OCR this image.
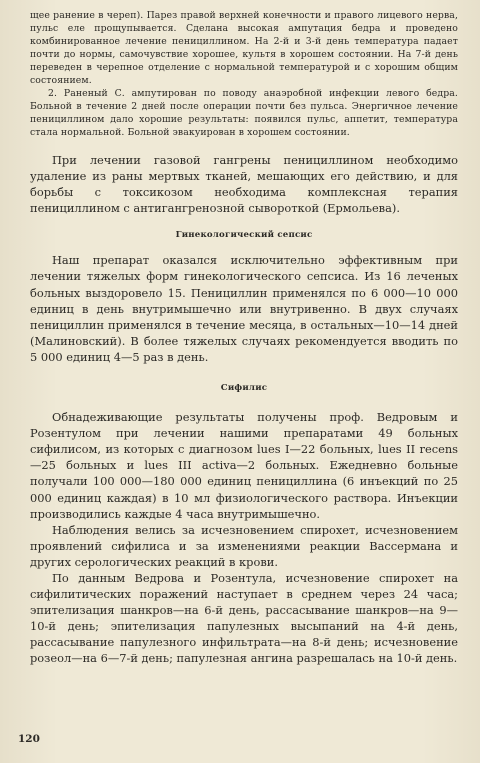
щее ранение в череп). Парез правой верхней конечности и правого лицевого нерва, пульс еле прощупывается. Сделана высокая ампутация бедра и проведено комбинированное лечение пенициллином. На 2-й и 3-й день температура падает почти до нормы, самочувствие хорошее, культя в хорошем состоянии. На 7-й день переведен в черепное отделение с нормальной температурой и с хорошим общим состоянием.

2. Раненый С. ампутирован по поводу анаэробной инфекции левого бедра. Больной в течение 2 дней после операции почти без пульса. Энергичное лечение пенициллином дало хорошие результаты: появился пульс, аппетит, температура стала нормальной. Больной эвакуирован в хорошем состоянии.

При лечении газовой гангрены пенициллином необходимо удаление из раны мертвых тканей, мешающих его действию, и для борьбы с токсикозом необходима комплексная терапия пенициллином с антигангренозной сывороткой (Ермольева).

Гинекологический сепсис

Наш препарат оказался исключительно эффективным при лечении тяжелых форм гинекологического сепсиса. Из 16 леченых больных выздоровело 15. Пенициллин применялся по 6 000—10 000 единиц в день внутримышечно или внутривенно. В двух случаях пенициллин применялся в течение месяца, в остальных—10—14 дней (Малиновский). В более тяжелых случаях рекомендуется вводить по 5 000 единиц 4—5 раз в день.

Сифилис

Обнадеживающие результаты получены проф. Ведровым и Розентулом при лечении нашими препаратами 49 больных сифилисом, из которых с диагнозом lues I—22 больных, lues II recens—25 больных и lues III activa—2 больных. Ежедневно больные получали 100 000—180 000 единиц пенициллина (6 инъекций по 25 000 единиц каждая) в 10 мл физиологического раствора. Инъекции производились каждые 4 часа внутримышечно.

Наблюдения велись за исчезновением спирохет, исчезновением проявлений сифилиса и за изменениями реакции Вассермана и других серологических реакций в крови.

По данным Ведрова и Розентула, исчезновение спирохет на сифилитических поражений наступает в среднем через 24 часа; эпителизация шанкров—на 6-й день, рассасывание шанкров—на 9—10-й день; эпителизация папулезных высыпаний на 4-й день, рассасывание папулезного инфильтрата—на 8-й день; исчезновение розеол—на 6—7-й день; папулезная ангина разрешалась на 10-й день.

120
